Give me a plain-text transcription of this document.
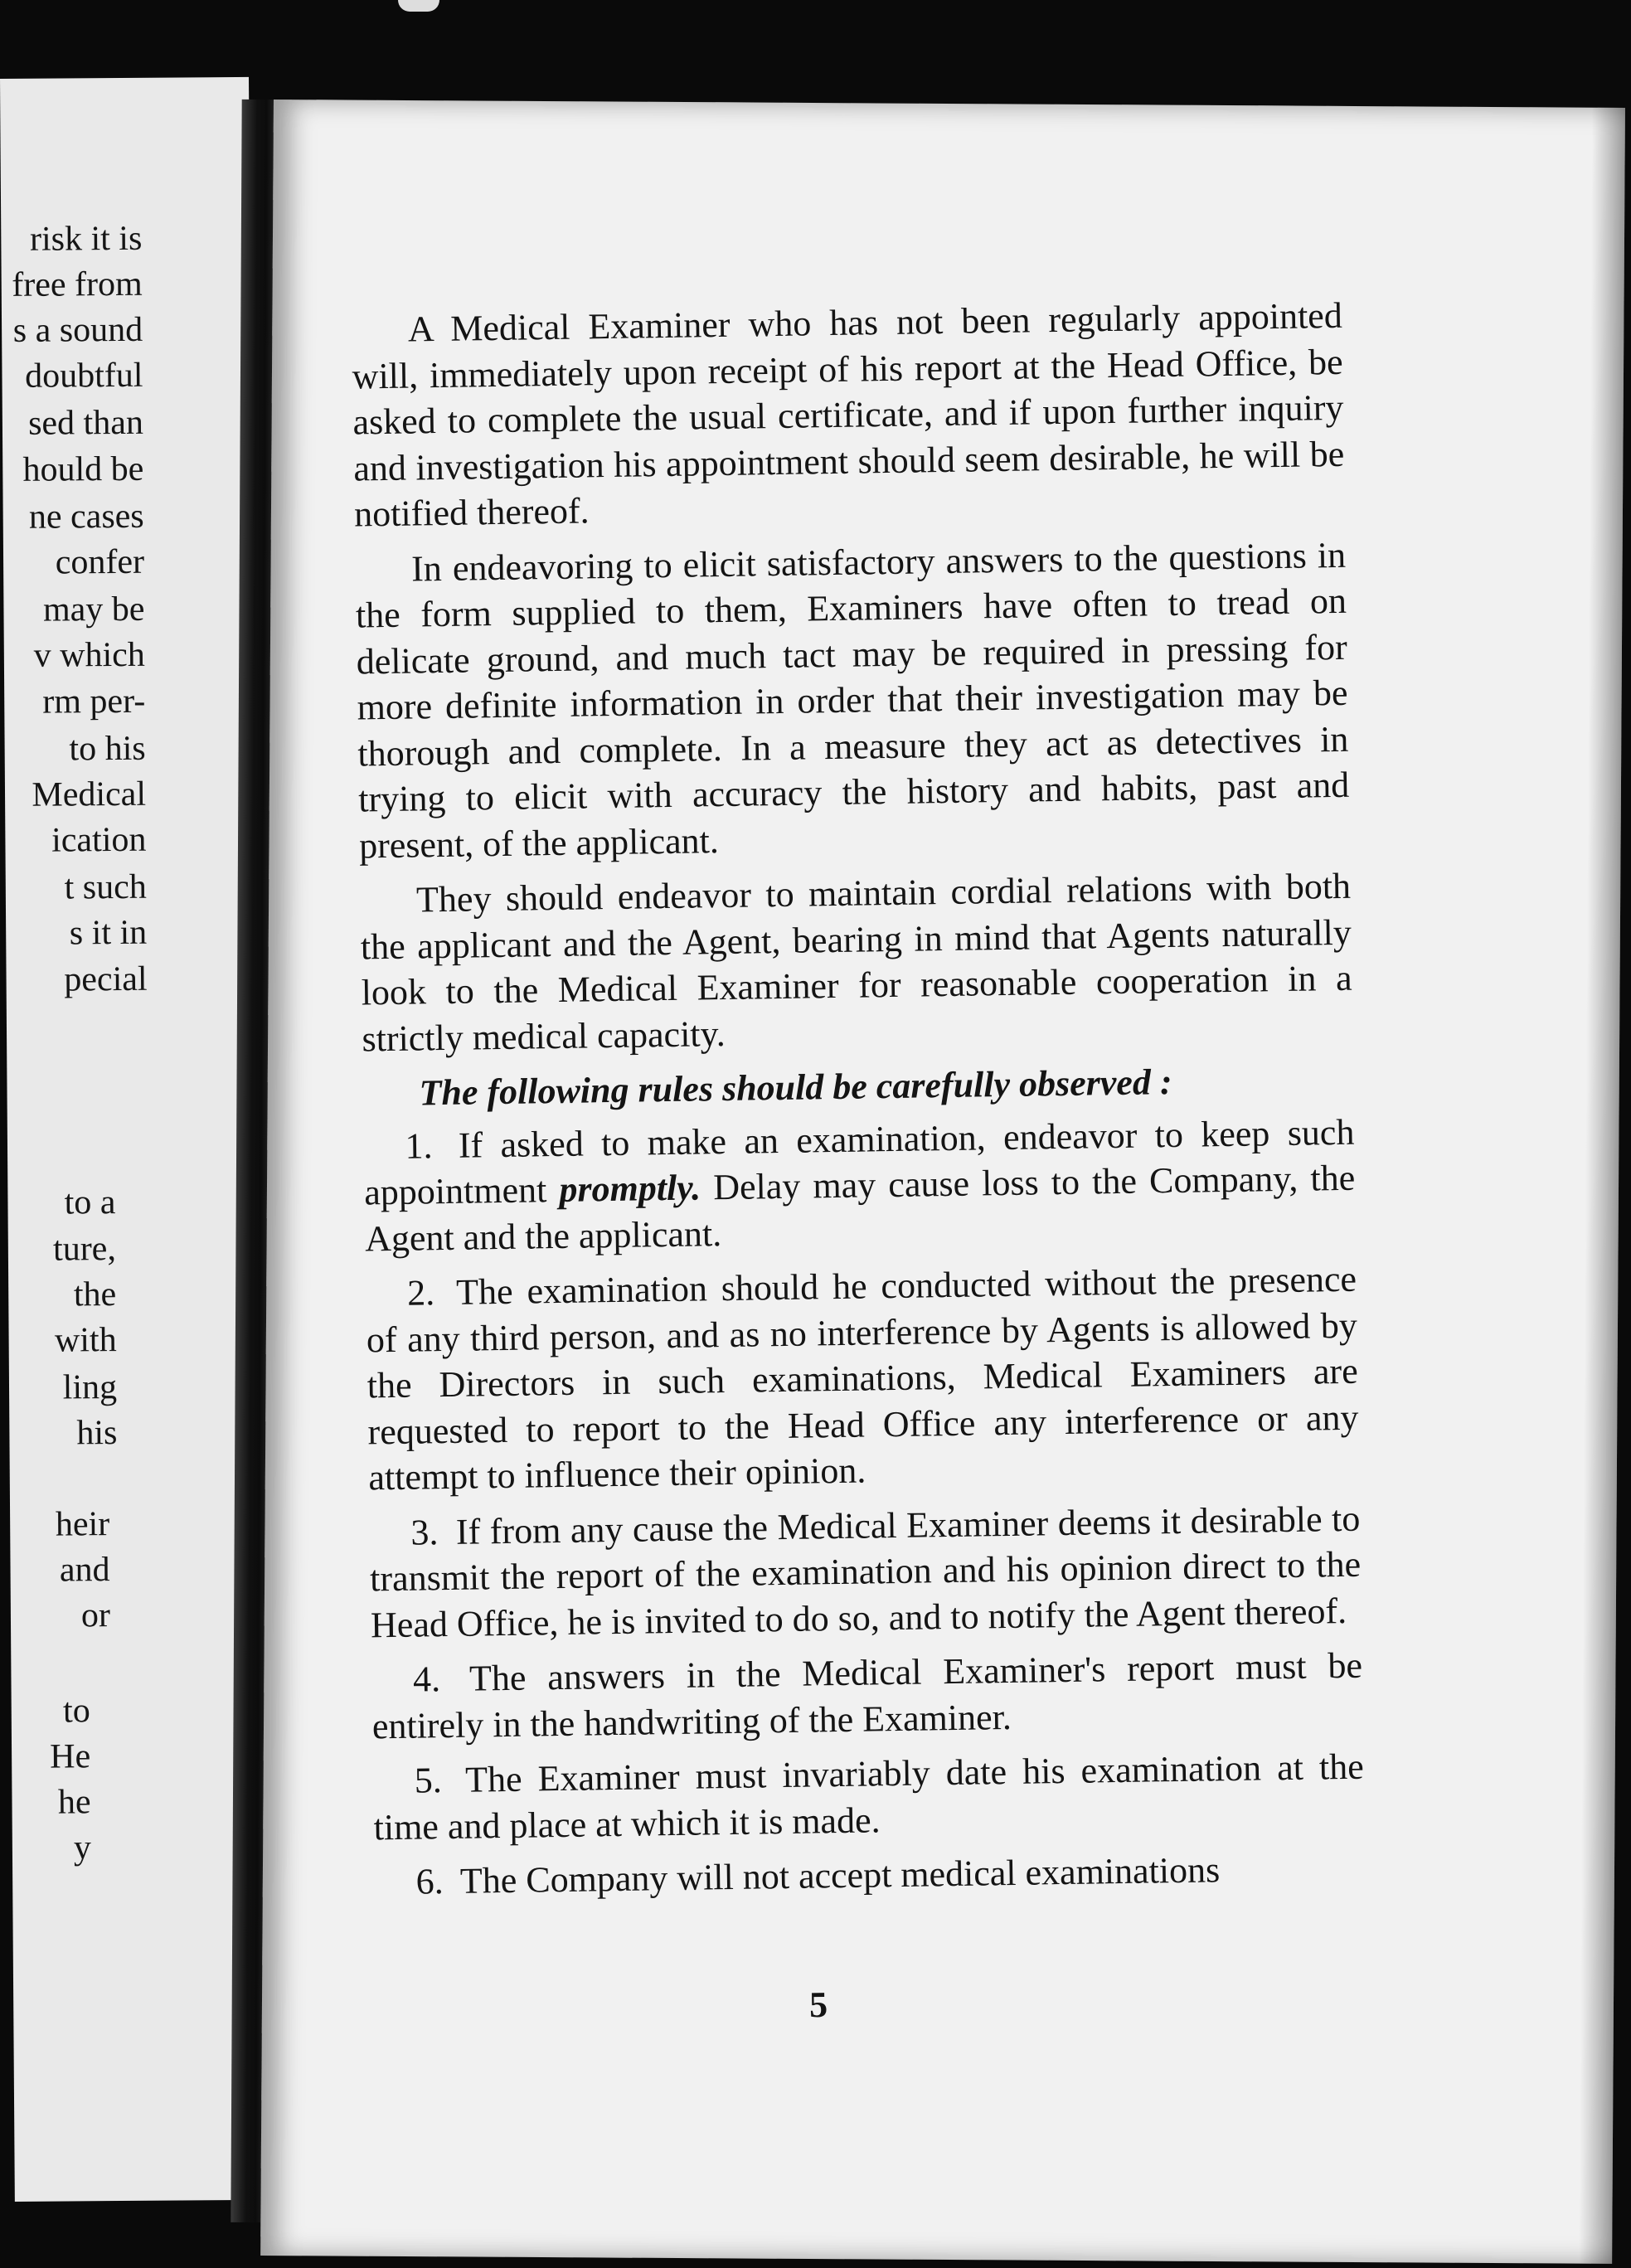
risk it is
free from
s a sound
doubtful
sed than
hould be
ne cases
confer
may be
v which
rm per-
to his
Medical
ication
t such
s it in
pecial
to a
ture,
the
with
ling
his
heir
and
or
to
He
he
y

A Medical Examiner who has not been regularly appointed will, immediately upon receipt of his report at the Head Office, be asked to complete the usual certificate, and if upon further inquiry and investigation his appointment should seem desirable, he will be notified thereof.

In endeavoring to elicit satisfactory answers to the questions in the form supplied to them, Examiners have often to tread on delicate ground, and much tact may be required in pressing for more definite information in order that their investigation may be thorough and complete. In a measure they act as detectives in trying to elicit with accuracy the history and habits, past and present, of the applicant.

They should endeavor to maintain cordial relations with both the applicant and the Agent, bearing in mind that Agents naturally look to the Medical Examiner for reasonable cooperation in a strictly medical capacity.

The following rules should be carefully observed :

1. If asked to make an examination, endeavor to keep such appointment promptly. Delay may cause loss to the Company, the Agent and the applicant.

2. The examination should he conducted without the presence of any third person, and as no interference by Agents is allowed by the Directors in such examinations, Medical Examiners are requested to report to the Head Office any interference or any attempt to influence their opinion.

3. If from any cause the Medical Examiner deems it desirable to transmit the report of the examination and his opinion direct to the Head Office, he is invited to do so, and to notify the Agent thereof.

4. The answers in the Medical Examiner's report must be entirely in the handwriting of the Examiner.

5. The Examiner must invariably date his examination at the time and place at which it is made.

6. The Company will not accept medical examinations

5
